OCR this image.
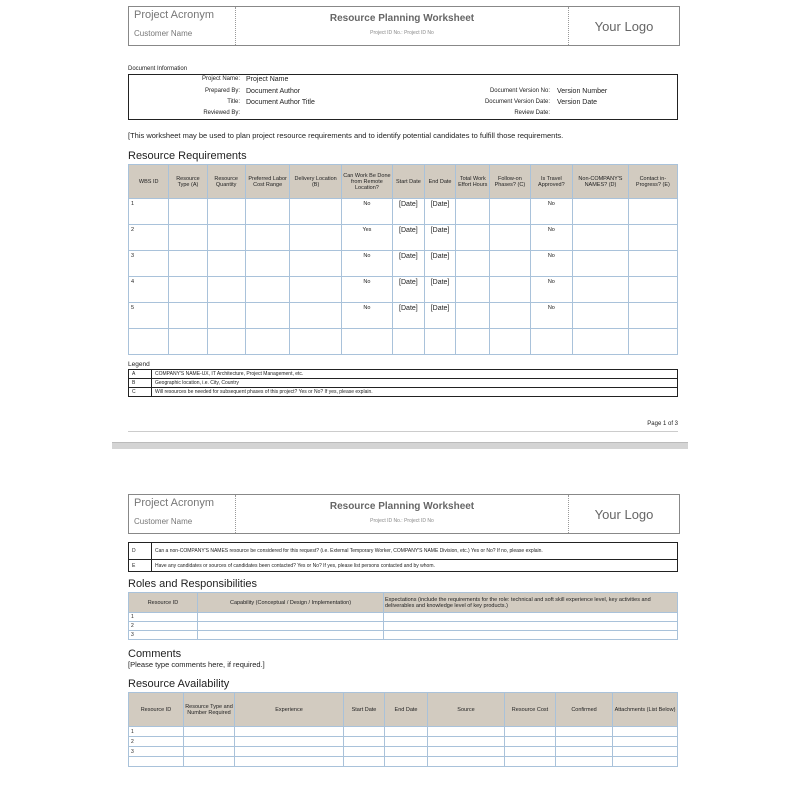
Project Acronym
Customer Name
Resource Planning Worksheet
Project ID No.: Project ID No	Your Logo
Document Information
Project Name: Project Name
Prepared By: Document Author	Document Version No: Version Number
Title: Document Author Title	Document Version Date: Version Date
Reviewed By:	Review Date:
[This worksheet may be used to plan project resource requirements and to identify potential candidates to fulfill those requirements.
Resource Requirements
WBS ID	Resource Type (A)	Resource Quantity	Preferred Labor Cost Range	Delivery Location (B)	Can Work Be Done from Remote Location?	Start Date	End Date	Total Work Effort Hours	Follow-on Phases? (C)	Is Travel Approved?	Non-COMPANY'S NAMES? (D)	Contact in-Progress? (E)
1					No	[Date]	[Date]			No		
2					Yes	[Date]	[Date]			No		
3					No	[Date]	[Date]			No		
4					No	[Date]	[Date]			No		
5					No	[Date]	[Date]			No		

Legend
A	COMPANY'S NAME-UX, IT Architecture, Project Management, etc.
B	Geographic location, i.e. City, Country
C	Will resources be needed for subsequent phases of this project? Yes or No? If yes, please explain.
Page 1 of 3
Project Acronym
Customer Name
Resource Planning Worksheet
Project ID No.: Project ID No	Your Logo
D	Can a non-COMPANY'S NAMES resource be considered for this request? (i.e. External Temporary Worker, COMPANY'S NAME Division, etc.) Yes or No? If no, please explain.
E	Have any candidates or sources of candidates been contacted? Yes or No? If yes, please list persons contacted and by whom.
Roles and Responsibilities
Resource ID	Capability (Conceptual / Design / Implementation)	Expectations (include the requirements for the role: technical and soft skill experience level, key activities and deliverables and knowledge level of key products.)
1		
2		
3		
Comments
[Please type comments here, if required.]
Resource Availability
Resource ID	Resource Type and Number Required	Experience	Start Date	End Date	Source	Resource Cost	Confirmed	Attachments (List Below)
1								
2								
3								
